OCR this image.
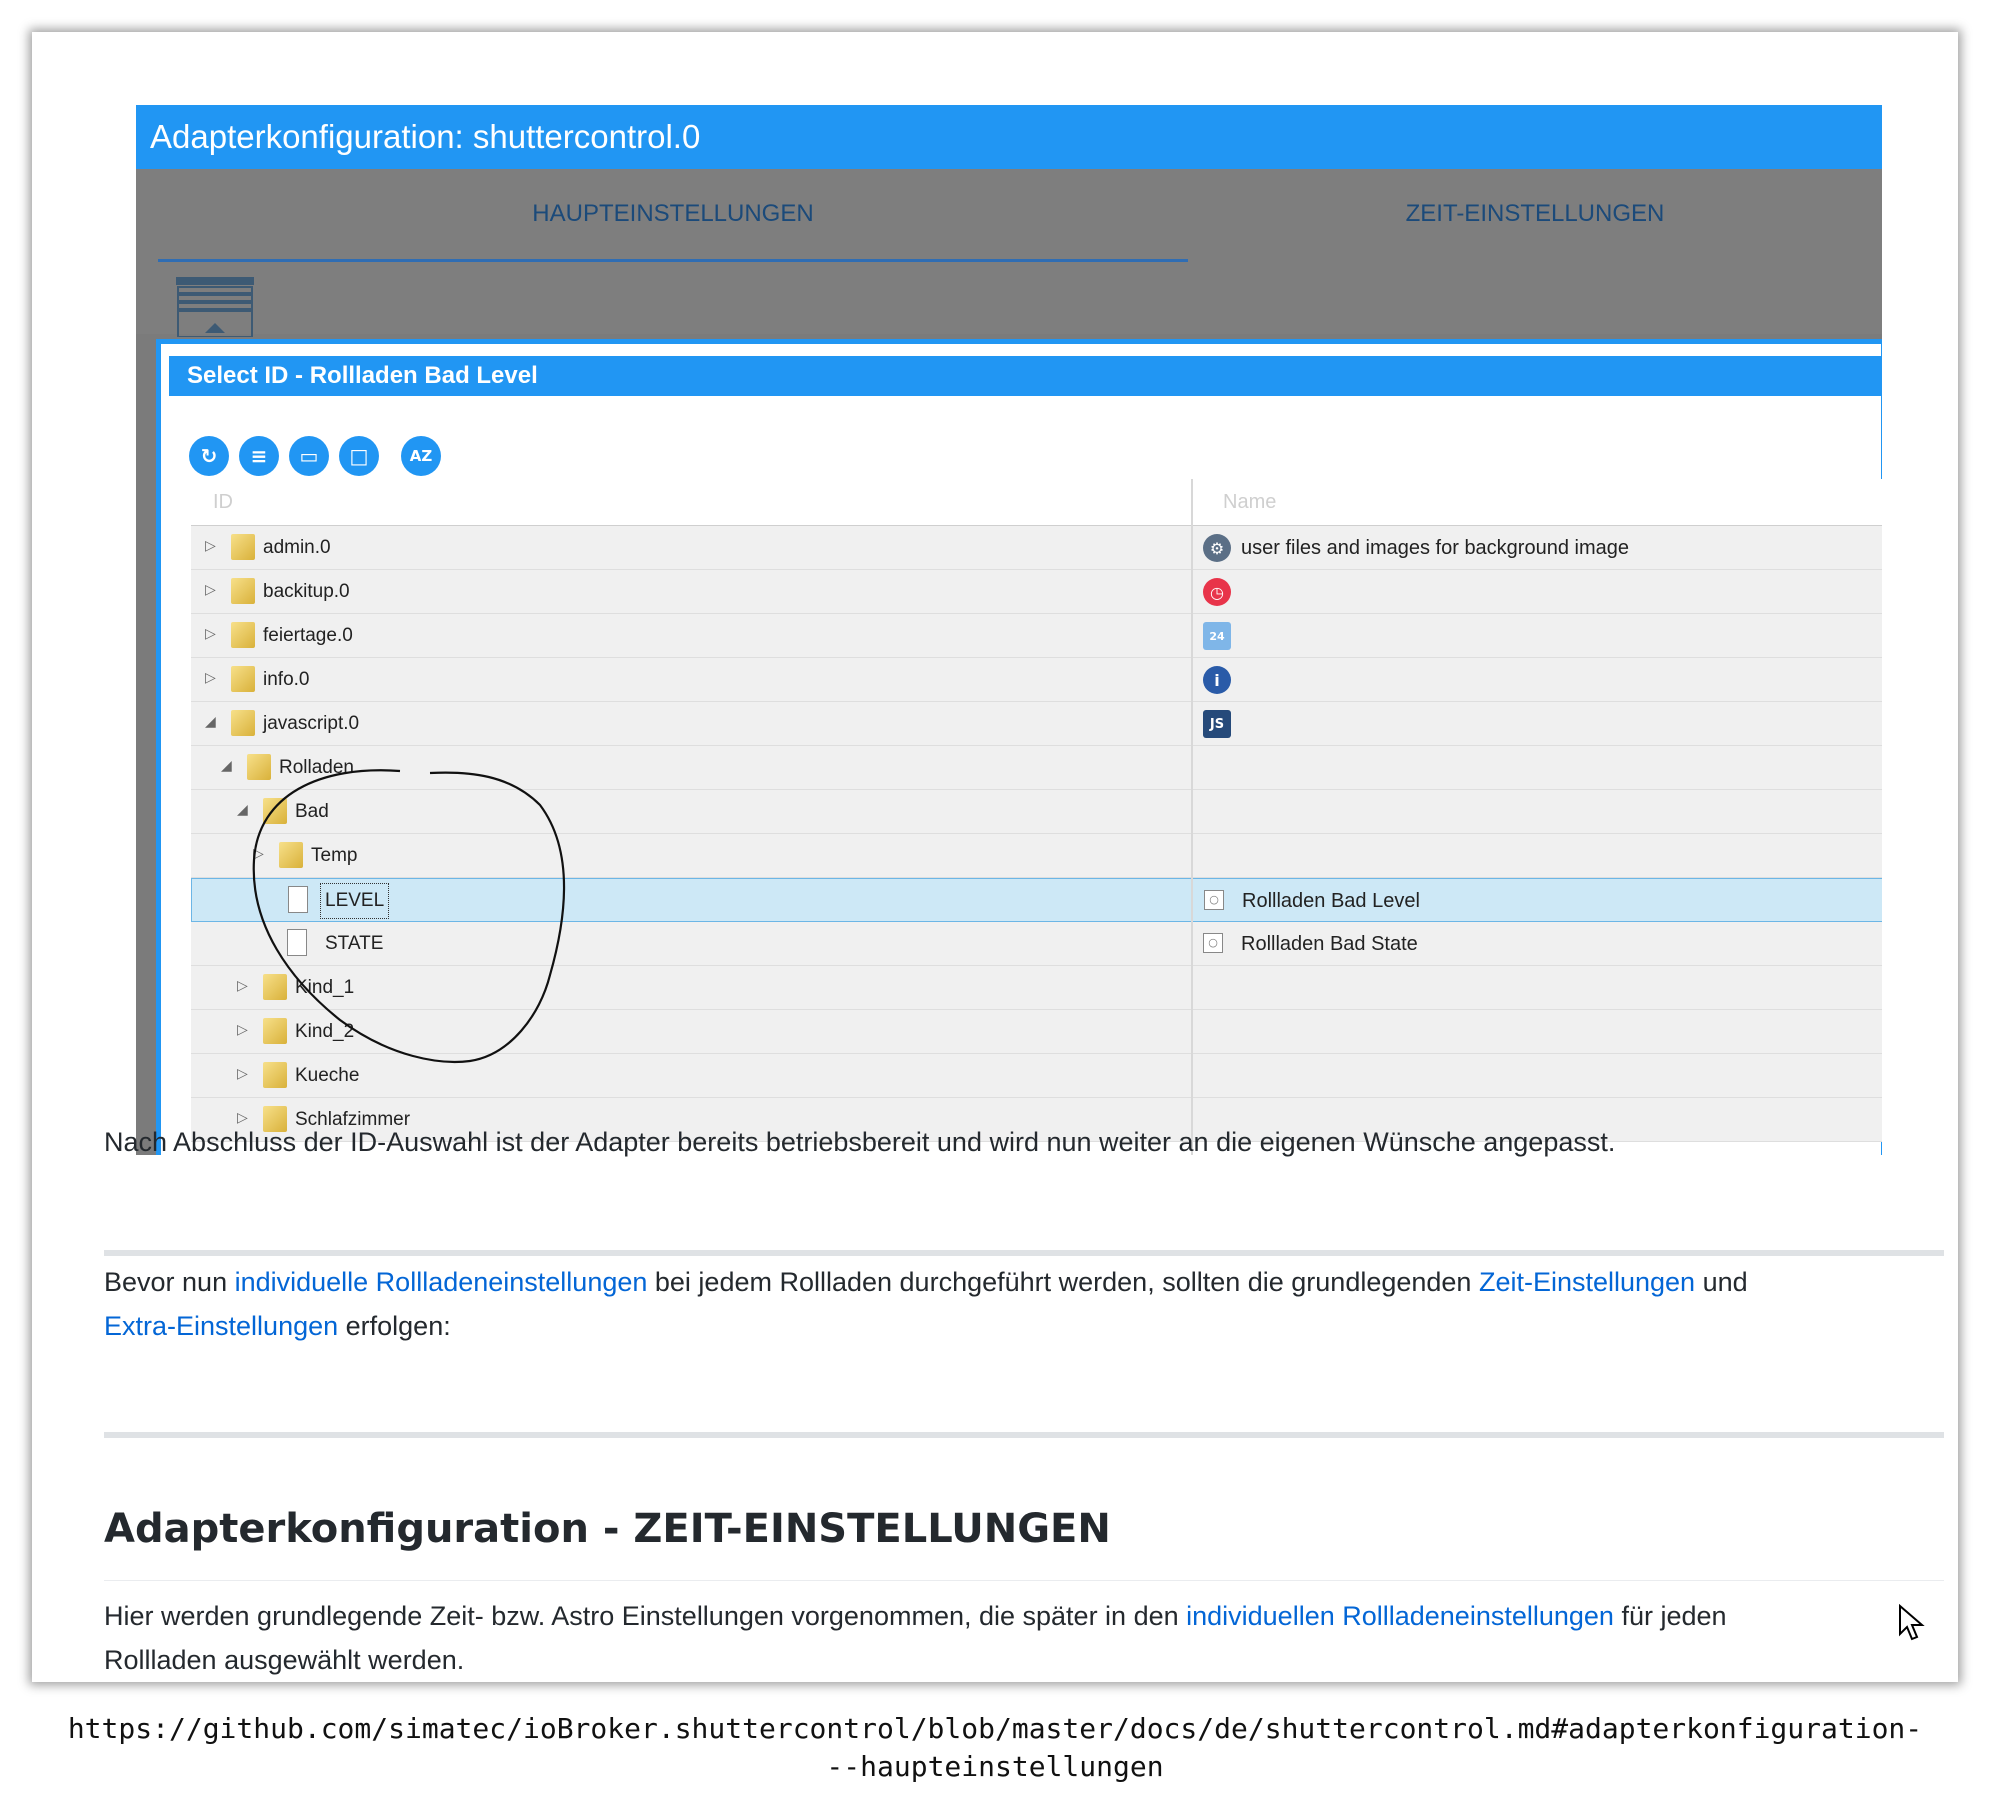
Adapterkonfiguration: shuttercontrol.0
HAUPTEINSTELLUNGEN	ZEIT-EINSTELLUNGEN
Select ID - Rollladen Bad Level
↻	≡	▭	□	AZ
ID	Name
▷ admin.0	⚙ user files and images for background image
▷ backitup.0	◷
▷ feiertage.0	24
▷ info.0	i
◢ javascript.0	JS
◢ Rolladen
◢ Bad
▷ Temp
LEVEL	○ Rollladen Bad Level
STATE	○ Rollladen Bad State
▷ Kind_1
▷ Kind_2
▷ Kueche
▷ Schlafzimmer

Nach Abschluss der ID-Auswahl ist der Adapter bereits betriebsbereit und wird nun weiter an die eigenen Wünsche angepasst.

Bevor nun individuelle Rollladeneinstellungen bei jedem Rollladen durchgeführt werden, sollten die grundlegenden Zeit-Einstellungen und
Extra-Einstellungen erfolgen:

Adapterkonfiguration - ZEIT-EINSTELLUNGEN

Hier werden grundlegende Zeit- bzw. Astro Einstellungen vorgenommen, die später in den individuellen Rollladeneinstellungen für jeden
Rollladen ausgewählt werden.

https://github.com/simatec/ioBroker.shuttercontrol/blob/master/docs/de/shuttercontrol.md#adapterkonfiguration-
--haupteinstellungen
